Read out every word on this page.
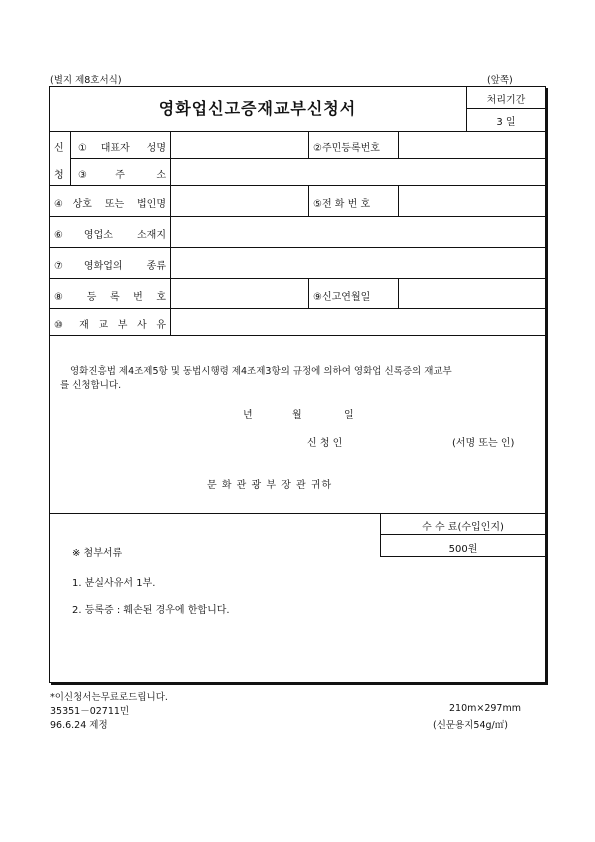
(별지 제8호서식)	(앞쪽)
영화업신고증재교부신청서	처리기간
3 일
신
청
①대표자 성명	②주민등록번호
③주 소
④상호 또는 법인명	⑤전 화 번 호
⑥영업소 소재지
⑦영화업의 종류
⑧ 등 록 번 호	⑨신고연월일
⑩ 재 교 부 사 유
영화진흥법 제4조제5항 및 동법시행령 제4조제3항의 규정에 의하여 영화업 신록증의 재교부
를 신청합니다.
년	월	일
신 청 인	(서명 또는 인)
문 화 관 광 부 장 관 귀하
수 수 료(수입인지)
500원
※ 첨부서류
1. 분실사유서 1부.
2. 등록증 : 훼손된 경우에 한합니다.
*이신청서는무료로드립니다.
35351－02711민
96.6.24 제정
210m×297mm
(신문용지54g/㎡)
